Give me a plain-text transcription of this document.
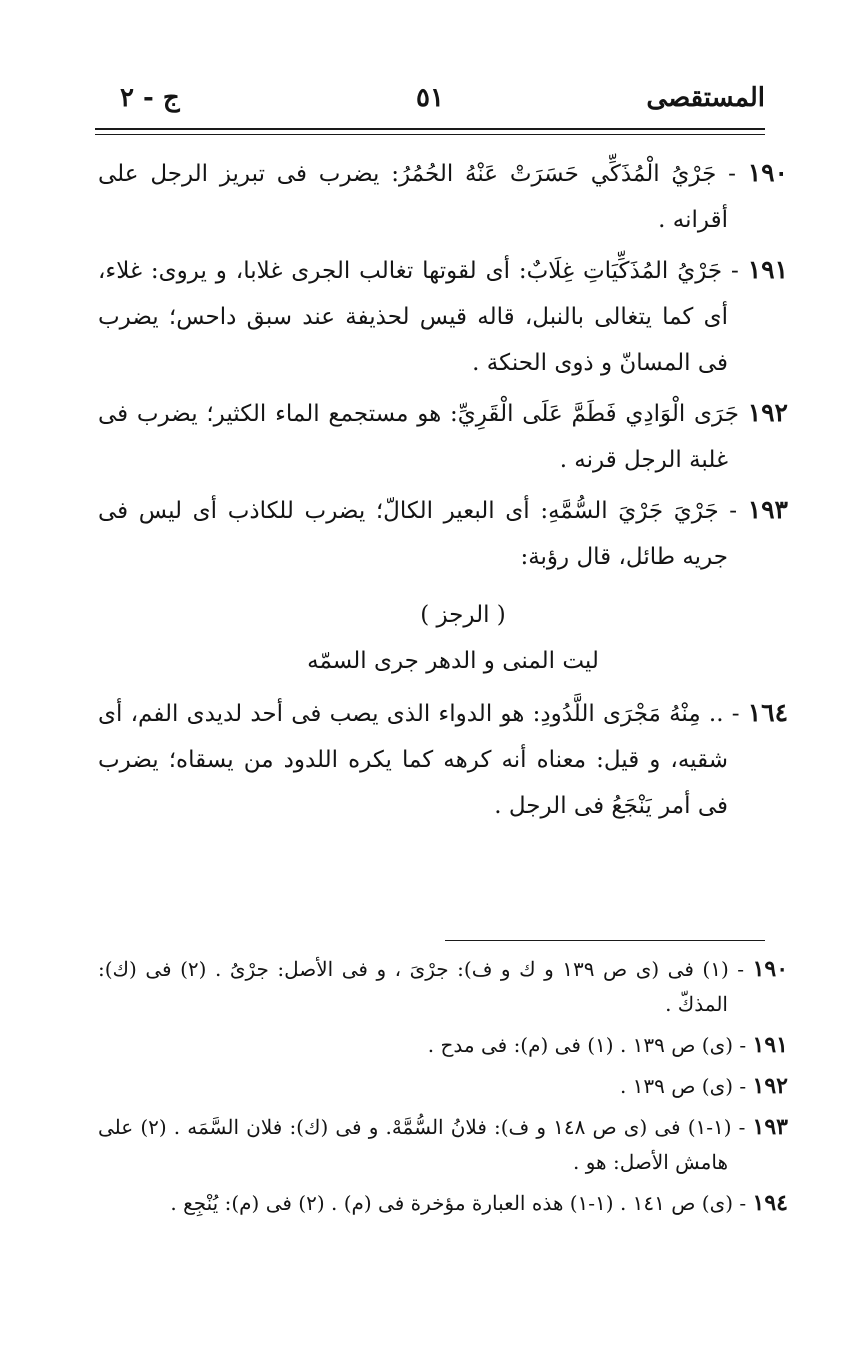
المستقصى
٥١
ج - ٢

١٩٠ - جَرْيُ الْمُذَكِّي حَسَرَتْ عَنْهُ الحُمُرُ: يضرب فى تبريز الرجل على أقرانه .

١٩١ - جَرْيُ المُذَكِّيَاتِ غِلَابٌ: أى لقوتها تغالب الجرى غلابا، و يروى: غلاء، أى كما يتغالى بالنبل، قاله قيس لحذيفة عند سبق داحس؛ يضرب فى المسانّ و ذوى الحنكة .

١٩٢ جَرَى الْوَادِي فَطَمَّ عَلَى الْقَرِيِّ: هو مستجمع الماء الكثير؛ يضرب فى غلبة الرجل قرنه .

١٩٣ - جَرْيَ جَرْيَ السُّمَّهِ: أى البعير الكالّ؛ يضرب للكاذب أى ليس فى جريه طائل، قال رؤبة:

( الرجز )

ليت المنى و الدهر جرى السمّه

١٦٤ - .. مِنْهُ مَجْرَى اللَّدُودِ: هو الدواء الذى يصب فى أحد لديدى الفم، أى شقيه، و قيل: معناه أنه كرهه كما يكره اللدود من يسقاه؛ يضرب فى أمر يَنْجَعُ فى الرجل .

١٩٠ - (١) فى (ى ص ١٣٩ و ك و ف): جرْىَ ، و فى الأصل: جرْىُ . (٢) فى (ك): المذكّ .

١٩١ - (ى) ص ١٣٩ . (١) فى (م): فى مدح .

١٩٢ - (ى) ص ١٣٩ .

١٩٣ - (١-١) فى (ى ص ١٤٨ و ف): فلانُ السُّمَّهْ. و فى (ك): فلان السَّمَه . (٢) على هامش الأصل: هو .

١٩٤ - (ى) ص ١٤١ . (١-١) هذه العبارة مؤخرة فى (م) . (٢) فى (م): يُنْجِع .
